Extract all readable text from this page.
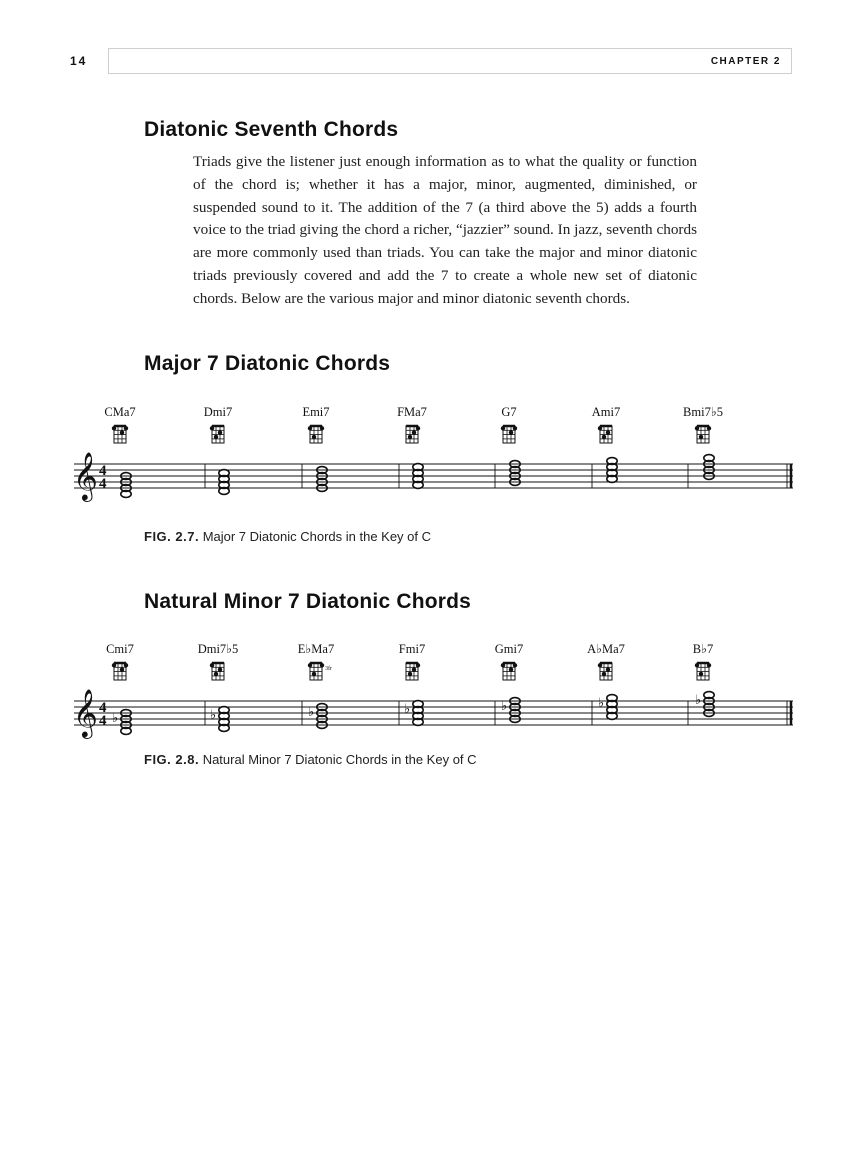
14	CHAPTER 2
Diatonic Seventh Chords

Triads give the listener just enough information as to what the quality or function of the chord is; whether it has a major, minor, augmented, diminished, or suspended sound to it. The addition of the 7 (a third above the 5) adds a fourth voice to the triad giving the chord a richer, “jazzier” sound. In jazz, seventh chords are more commonly used than triads. You can take the major and minor diatonic triads previously covered and add the 7 to create a whole new set of diatonic chords. Below are the various major and minor diatonic seventh chords.

Major 7 Diatonic Chords
CMa7	Dmi7	Emi7	FMa7	G7	Ami7	Bmi7♭5
𝄞 4
4

FIG. 2.7. Major 7 Diatonic Chords in the Key of C

Natural Minor 7 Diatonic Chords
Cmi7	Dmi7♭5	E♭Ma7
3fr
Fmi7	Gmi7	A♭Ma7	B♭7
𝄞 4
4 ♭	♭	♭	♭	♭	♭	♭

FIG. 2.8. Natural Minor 7 Diatonic Chords in the Key of C
